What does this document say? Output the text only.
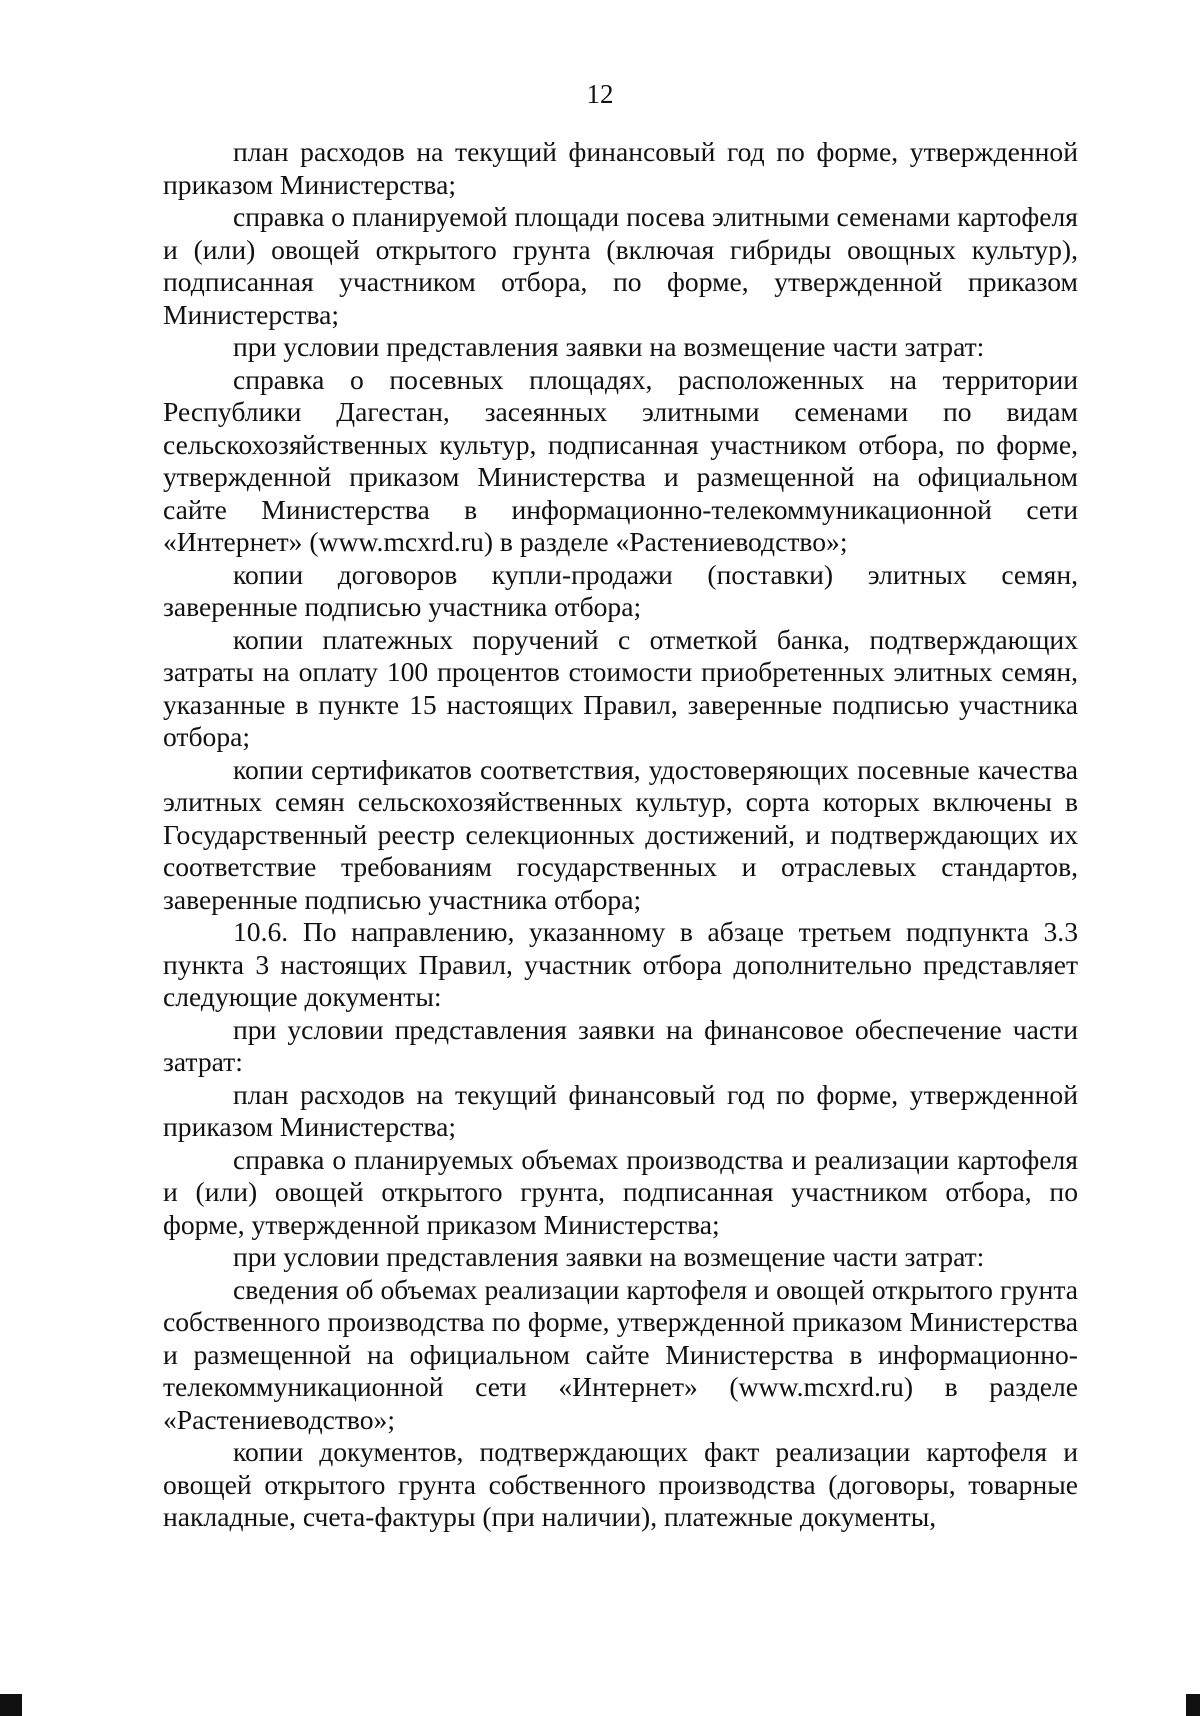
12

план расходов на текущий финансовый год по форме, утвержденной приказом Министерства;

справка о планируемой площади посева элитными семенами картофеля и (или) овощей открытого грунта (включая гибриды овощных культур), подписанная участником отбора, по форме, утвержденной приказом Министерства;

при условии представления заявки на возмещение части затрат:

справка о посевных площадях, расположенных на территории Республики Дагестан, засеянных элитными семенами по видам сельскохозяйственных культур, подписанная участником отбора, по форме, утвержденной приказом Министерства и размещенной на официальном сайте Министерства в информационно-телекоммуникационной сети «Интернет» (www.mcxrd.ru) в разделе «Растениеводство»;

копии договоров купли-продажи (поставки) элитных семян, заверенные подписью участника отбора;

копии платежных поручений с отметкой банка, подтверждающих затраты на оплату 100 процентов стоимости приобретенных элитных семян, указанные в пункте 15 настоящих Правил, заверенные подписью участника отбора;

копии сертификатов соответствия, удостоверяющих посевные качества элитных семян сельскохозяйственных культур, сорта которых включены в Государственный реестр селекционных достижений, и подтверждающих их соответствие требованиям государственных и отраслевых стандартов, заверенные подписью участника отбора;

10.6. По направлению, указанному в абзаце третьем подпункта 3.3 пункта 3 настоящих Правил, участник отбора дополнительно представляет следующие документы:

при условии представления заявки на финансовое обеспечение части затрат:

план расходов на текущий финансовый год по форме, утвержденной приказом Министерства;

справка о планируемых объемах производства и реализации картофеля и (или) овощей открытого грунта, подписанная участником отбора, по форме, утвержденной приказом Министерства;

при условии представления заявки на возмещение части затрат:

сведения об объемах реализации картофеля и овощей открытого грунта собственного производства по форме, утвержденной приказом Министерства и размещенной на официальном сайте Министерства в информационно-телекоммуникационной сети «Интернет» (www.mcxrd.ru) в разделе «Растениеводство»;

копии документов, подтверждающих факт реализации картофеля и овощей открытого грунта собственного производства (договоры, товарные накладные, счета-фактуры (при наличии), платежные документы,
